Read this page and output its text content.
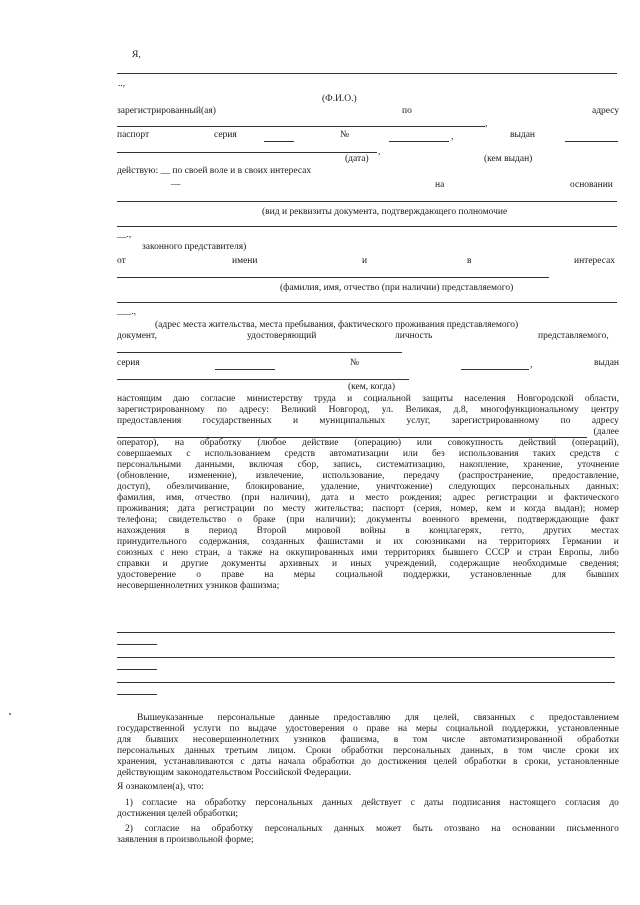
Я,
..,
(Ф.И.О.)
зарегистрированный(ая)	по	адресу
,
паспорт	серия	№	,	выдан
,
(дата)	(кем выдан)
действую: __ по своей воле и в своих интересах
—	на	основании
(вид и реквизиты документа, подтверждающего полномочие
__.,
законного представителя)
от	имени	и	в	интересах
(фамилия, имя, отчество (при наличии) представляемого)
___.,
(адрес места жительства, места пребывания, фактического проживания представляемого)
документ,	удостоверяющий	личность	представляемого,
серия	№	,	выдан
(кем, когда)
настоящим даю согласие министерству труда и социальной защиты населения Новгородской области,
зарегистрированному по адресу: Великий Новгород, ул. Великая, д.8, многофункциональному центру
предоставления государственных и муниципальных услуг, зарегистрированному по адресу
(далее
оператор), на обработку (любое действие (операцию) или совокупность действий (операций),
совершаемых с использованием средств автоматизации или без использования таких средств с
персональными данными, включая сбор, запись, систематизацию, накопление, хранение, уточнение
(обновление, изменение), извлечение, использование, передачу (распространение, предоставление,
доступ), обезличивание, блокирование, удаление, уничтожение) следующих персональных данных:
фамилия, имя, отчество (при наличии), дата и место рождения; адрес регистрации и фактического
проживания; дата регистрации по месту жительства; паспорт (серия, номер, кем и когда выдан); номер
телефона; свидетельство о браке (при наличии); документы военного времени, подтверждающие факт
нахождения в период Второй мировой войны в концлагерях, гетто, других местах
принудительного содержания, созданных фашистами и их союзниками на территориях Германии и
союзных с нею стран, а также на оккупированных ими территориях бывшего СССР и стран Европы, либо
справки и другие документы архивных и иных учреждений, содержащие необходимые сведения;
удостоверение о праве на меры социальной поддержки, установленные для бывших
несовершеннолетних узников фашизма;
Вышеуказанные персональные данные предоставляю для целей, связанных с предоставлением
государственной услуги по выдаче удостоверения о праве на меры социальной поддержки, установленные
для бывших несовершеннолетних узников фашизма, в том числе автоматизированной обработки
персональных данных третьим лицом. Сроки обработки персональных данных, в том числе сроки их
хранения, устанавливаются с даты начала обработки до достижения целей обработки в сроки, установленные
действующим законодательством Российской Федерации.
Я ознакомлен(а), что:
1) согласие на обработку персональных данных действует с даты подписания настоящего согласия до
достижения целей обработки;
2) согласие на обработку персональных данных может быть отозвано на основании письменного
заявления в произвольной форме;
